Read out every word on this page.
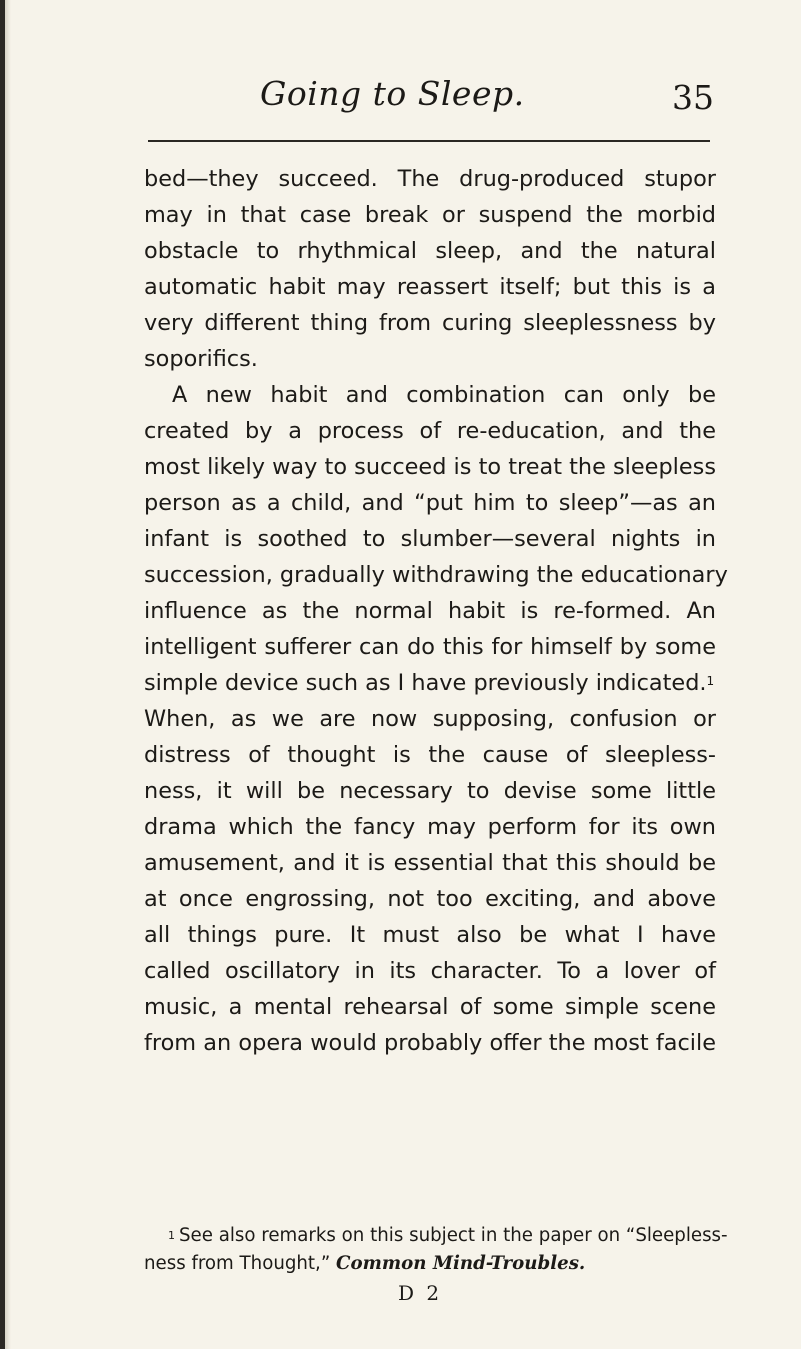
Going to Sleep.	35
bed—they succeed. The drug-produced stupor
may in that case break or suspend the morbid
obstacle to rhythmical sleep, and the natural
automatic habit may reassert itself; but this is a
very different thing from curing sleeplessness by
soporifics.
A new habit and combination can only be
created by a process of re-education, and the
most likely way to succeed is to treat the sleepless
person as a child, and “put him to sleep”—as an
infant is soothed to slumber—several nights in
succession, gradually withdrawing the educationary
influence as the normal habit is re-formed. An
intelligent sufferer can do this for himself by some
simple device such as I have previously indicated.$^1$
When, as we are now supposing, confusion or
distress of thought is the cause of sleepless-
ness, it will be necessary to devise some little
drama which the fancy may perform for its own
amusement, and it is essential that this should be
at once engrossing, not too exciting, and above
all things pure. It must also be what I have
called oscillatory in its character. To a lover of
music, a mental rehearsal of some simple scene
from an opera would probably offer the most facile
$^1$ See also remarks on this subject in the paper on “Sleepless-
ness from Thought,” Common Mind-Troubles.
D 2
